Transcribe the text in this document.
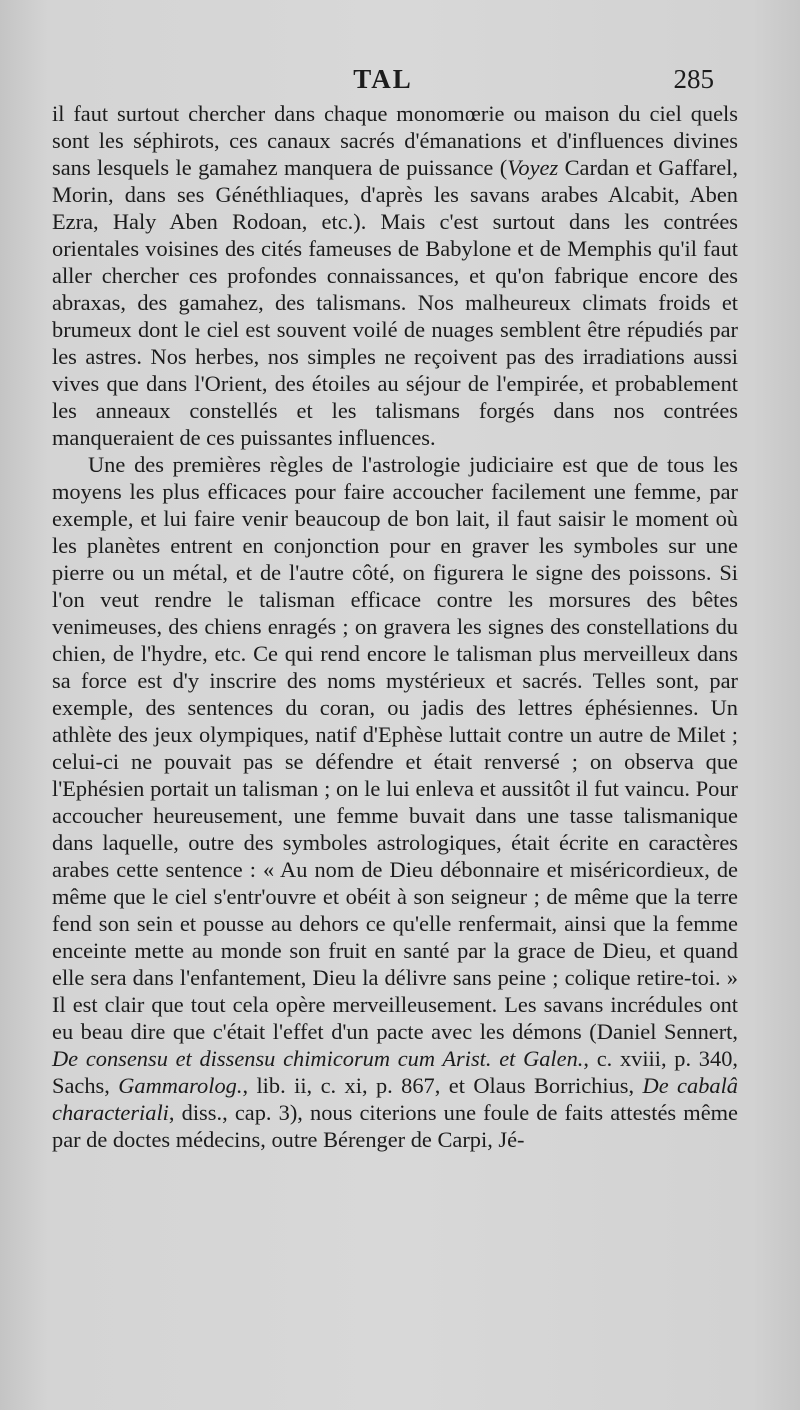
TAL	285

il faut surtout chercher dans chaque monomœrie ou maison du ciel quels sont les séphirots, ces canaux sacrés d'émanations et d'influences divines sans lesquels le gamahez manquera de puissance (Voyez Cardan et Gaffarel, Morin, dans ses Généthliaques, d'après les savans arabes Alcabit, Aben Ezra, Haly Aben Rodoan, etc.). Mais c'est surtout dans les contrées orientales voisines des cités fameuses de Babylone et de Memphis qu'il faut aller chercher ces profondes connaissances, et qu'on fabrique encore des abraxas, des gamahez, des talismans. Nos malheureux climats froids et brumeux dont le ciel est souvent voilé de nuages semblent être répudiés par les astres. Nos herbes, nos simples ne reçoivent pas des irradiations aussi vives que dans l'Orient, des étoiles au séjour de l'empirée, et probablement les anneaux constellés et les talismans forgés dans nos contrées manqueraient de ces puissantes influences.

Une des premières règles de l'astrologie judiciaire est que de tous les moyens les plus efficaces pour faire accoucher facilement une femme, par exemple, et lui faire venir beaucoup de bon lait, il faut saisir le moment où les planètes entrent en conjonction pour en graver les symboles sur une pierre ou un métal, et de l'autre côté, on figurera le signe des poissons. Si l'on veut rendre le talisman efficace contre les morsures des bêtes venimeuses, des chiens enragés ; on gravera les signes des constellations du chien, de l'hydre, etc. Ce qui rend encore le talisman plus merveilleux dans sa force est d'y inscrire des noms mystérieux et sacrés. Telles sont, par exemple, des sentences du coran, ou jadis des lettres éphésiennes. Un athlète des jeux olympiques, natif d'Ephèse luttait contre un autre de Milet ; celui-ci ne pouvait pas se défendre et était renversé ; on observa que l'Ephésien portait un talisman ; on le lui enleva et aussitôt il fut vaincu. Pour accoucher heureusement, une femme buvait dans une tasse talismanique dans laquelle, outre des symboles astrologiques, était écrite en caractères arabes cette sentence : « Au nom de Dieu débonnaire et miséricordieux, de même que le ciel s'entr'ouvre et obéit à son seigneur ; de même que la terre fend son sein et pousse au dehors ce qu'elle renfermait, ainsi que la femme enceinte mette au monde son fruit en santé par la grace de Dieu, et quand elle sera dans l'enfantement, Dieu la délivre sans peine ; colique retire-toi. » Il est clair que tout cela opère merveilleusement. Les savans incrédules ont eu beau dire que c'était l'effet d'un pacte avec les démons (Daniel Sennert, De consensu et dissensu chimicorum cum Arist. et Galen., c. xviii, p. 340, Sachs, Gammarolog., lib. ii, c. xi, p. 867, et Olaus Borrichius, De cabalâ characteriali, diss., cap. 3), nous citerions une foule de faits attestés même par de doctes médecins, outre Bérenger de Carpi, Jé-
